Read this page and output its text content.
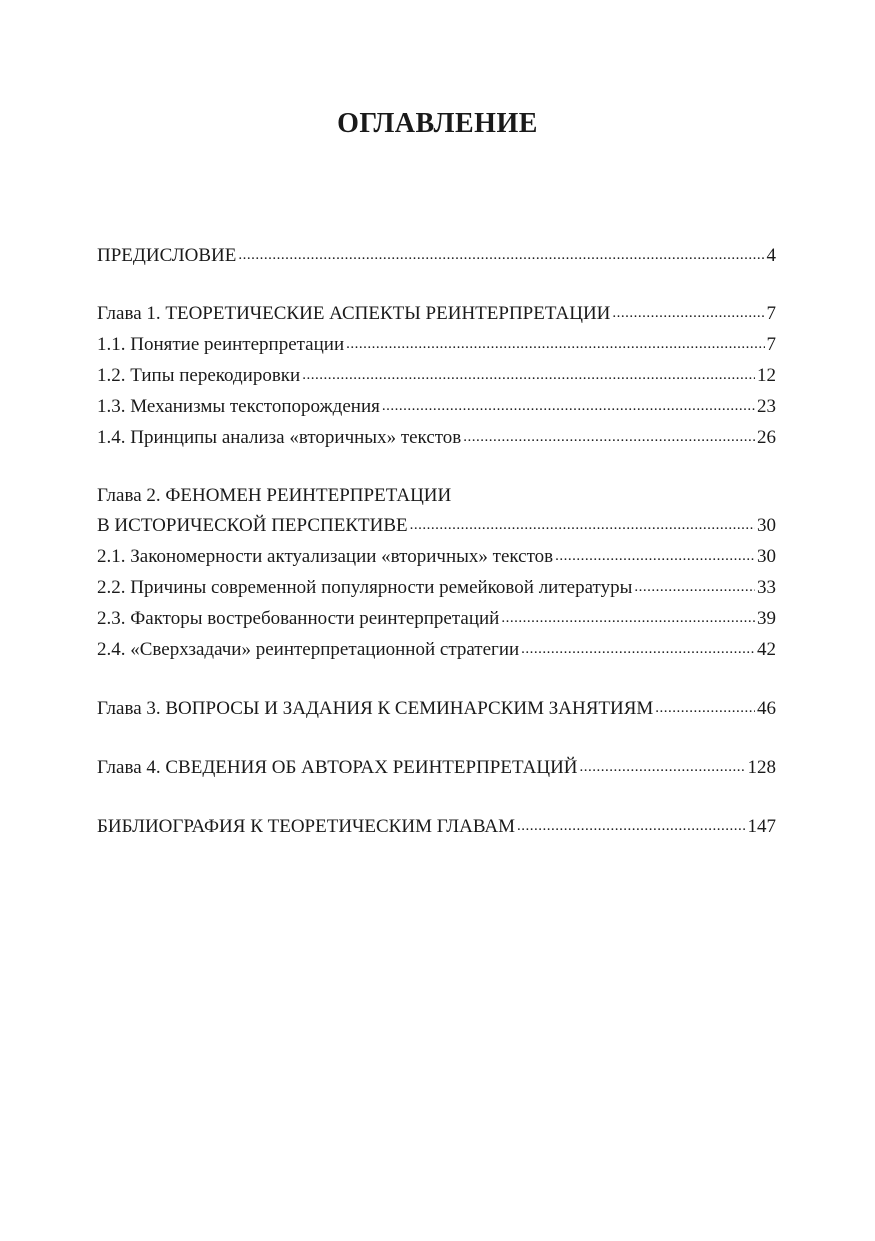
ОГЛАВЛЕНИЕ
ПРЕДИСЛОВИЕ .....	4
Глава 1. ТЕОРЕТИЧЕСКИЕ АСПЕКТЫ РЕИНТЕРПРЕТАЦИИ .....	7
1.1. Понятие реинтерпретации .....	7
1.2. Типы перекодировки .....	12
1.3. Механизмы текстопорождения .....	23
1.4. Принципы анализа «вторичных» текстов .....	26
Глава 2. ФЕНОМЕН РЕИНТЕРПРЕТАЦИИ
В ИСТОРИЧЕСКОЙ ПЕРСПЕКТИВЕ .....	30
2.1. Закономерности актуализации «вторичных» текстов .....	30
2.2. Причины современной популярности ремейковой литературы .....	33
2.3. Факторы востребованности реинтерпретаций .....	39
2.4. «Сверхзадачи» реинтерпретационной стратегии .....	42
Глава 3. ВОПРОСЫ И ЗАДАНИЯ К СЕМИНАРСКИМ ЗАНЯТИЯМ .....	46
Глава 4. СВЕДЕНИЯ ОБ АВТОРАХ РЕИНТЕРПРЕТАЦИЙ .....	128
БИБЛИОГРАФИЯ К ТЕОРЕТИЧЕСКИМ ГЛАВАМ .....	147
